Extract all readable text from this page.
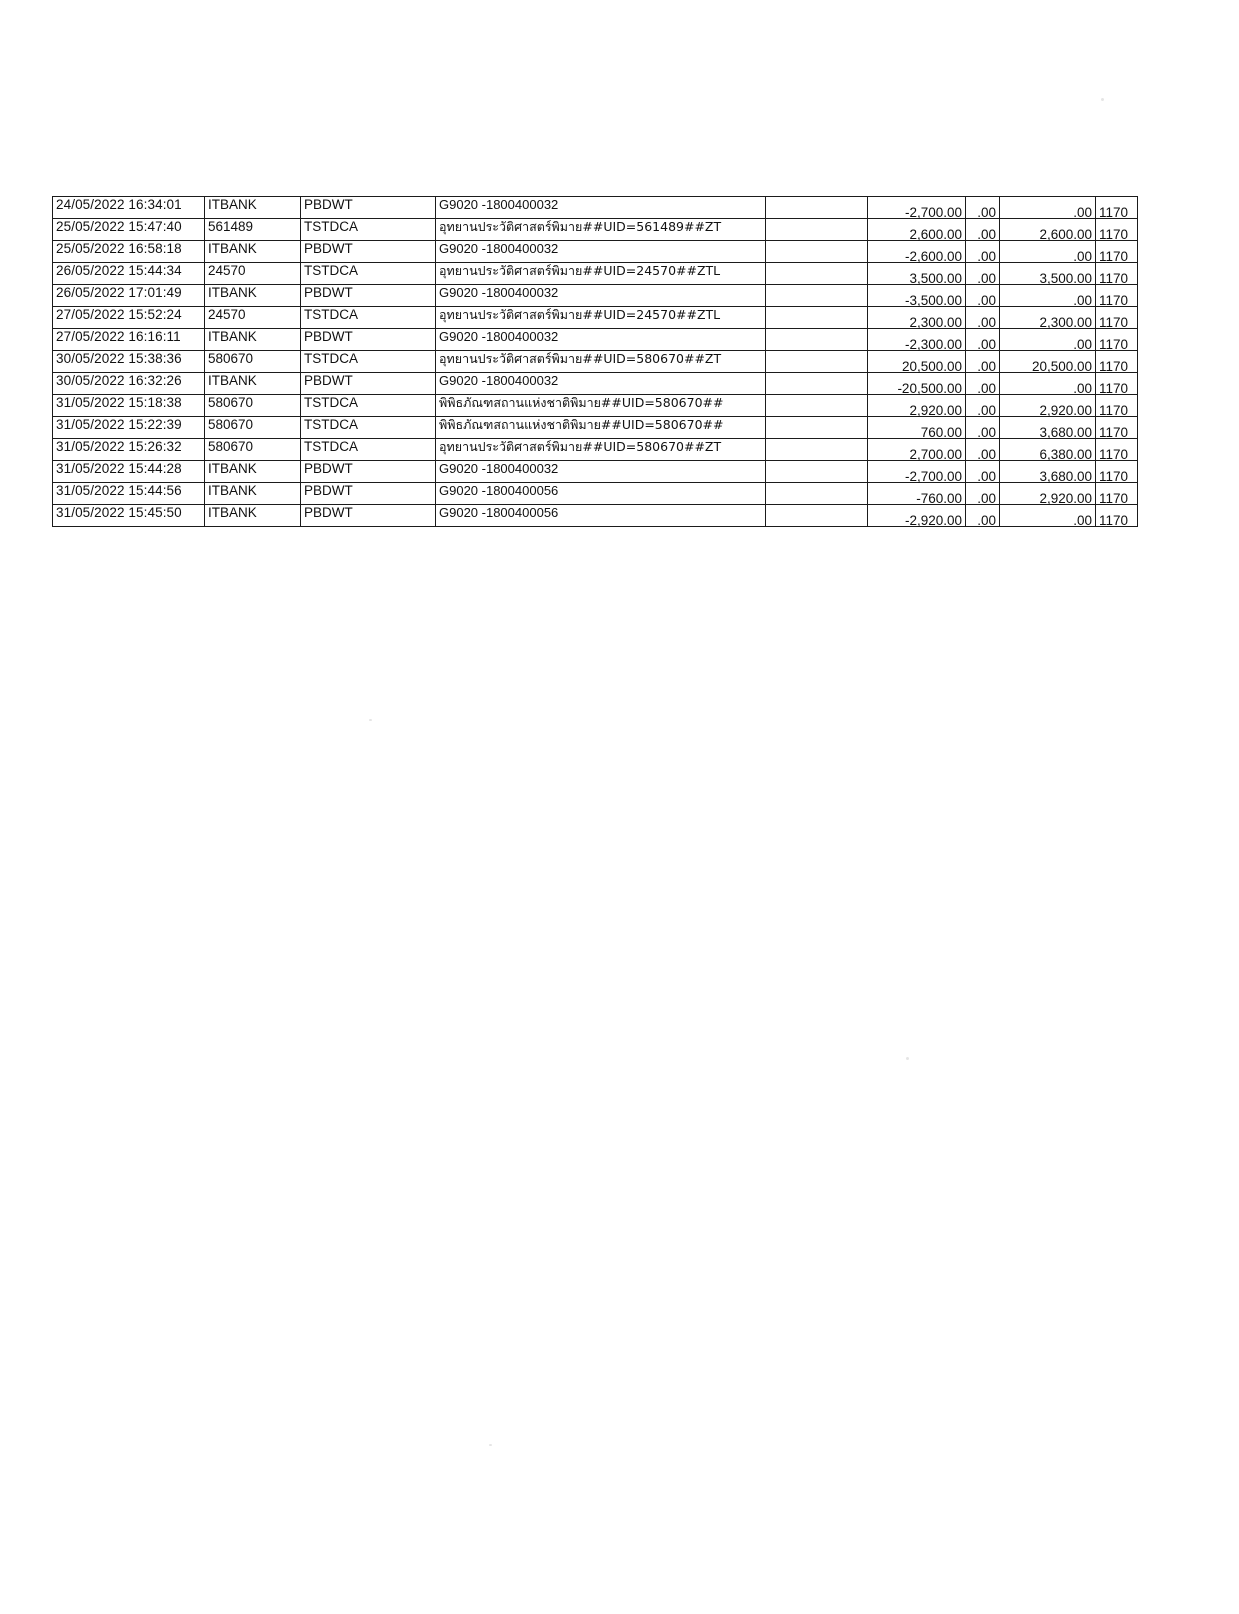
24/05/2022 16:34:01	ITBANK	PBDWT	G9020 -1800400032		-2,700.00	.00	.00	1170
25/05/2022 15:47:40	561489	TSTDCA	อุทยานประวัติศาสตร์พิมาย##UID=561489##ZT		2,600.00	.00	2,600.00	1170
25/05/2022 16:58:18	ITBANK	PBDWT	G9020 -1800400032		-2,600.00	.00	.00	1170
26/05/2022 15:44:34	24570	TSTDCA	อุทยานประวัติศาสตร์พิมาย##UID=24570##ZTL		3,500.00	.00	3,500.00	1170
26/05/2022 17:01:49	ITBANK	PBDWT	G9020 -1800400032		-3,500.00	.00	.00	1170
27/05/2022 15:52:24	24570	TSTDCA	อุทยานประวัติศาสตร์พิมาย##UID=24570##ZTL		2,300.00	.00	2,300.00	1170
27/05/2022 16:16:11	ITBANK	PBDWT	G9020 -1800400032		-2,300.00	.00	.00	1170
30/05/2022 15:38:36	580670	TSTDCA	อุทยานประวัติศาสตร์พิมาย##UID=580670##ZT		20,500.00	.00	20,500.00	1170
30/05/2022 16:32:26	ITBANK	PBDWT	G9020 -1800400032		-20,500.00	.00	.00	1170
31/05/2022 15:18:38	580670	TSTDCA	พิพิธภัณฑสถานแห่งชาติพิมาย##UID=580670##		2,920.00	.00	2,920.00	1170
31/05/2022 15:22:39	580670	TSTDCA	พิพิธภัณฑสถานแห่งชาติพิมาย##UID=580670##		760.00	.00	3,680.00	1170
31/05/2022 15:26:32	580670	TSTDCA	อุทยานประวัติศาสตร์พิมาย##UID=580670##ZT		2,700.00	.00	6,380.00	1170
31/05/2022 15:44:28	ITBANK	PBDWT	G9020 -1800400032		-2,700.00	.00	3,680.00	1170
31/05/2022 15:44:56	ITBANK	PBDWT	G9020 -1800400056		-760.00	.00	2,920.00	1170
31/05/2022 15:45:50	ITBANK	PBDWT	G9020 -1800400056		-2,920.00	.00	.00	1170
